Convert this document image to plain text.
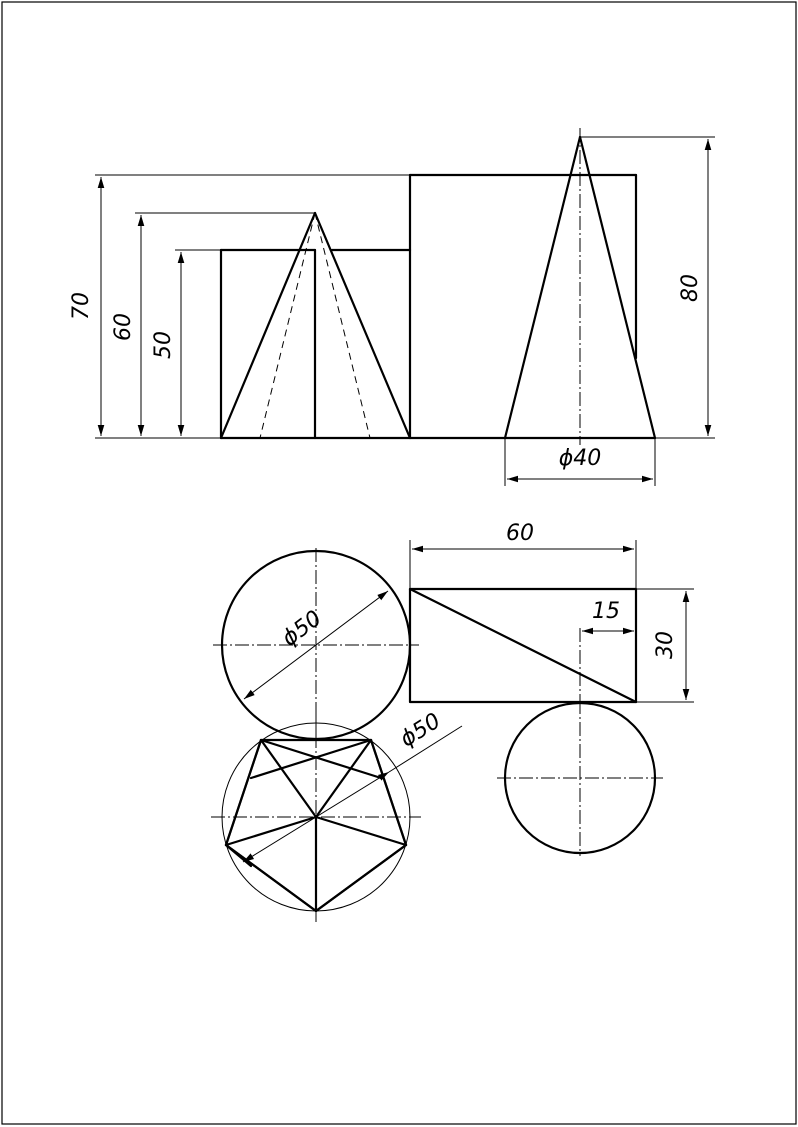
70
60
50
80
ϕ40
ϕ50
60
15
30
ϕ50
